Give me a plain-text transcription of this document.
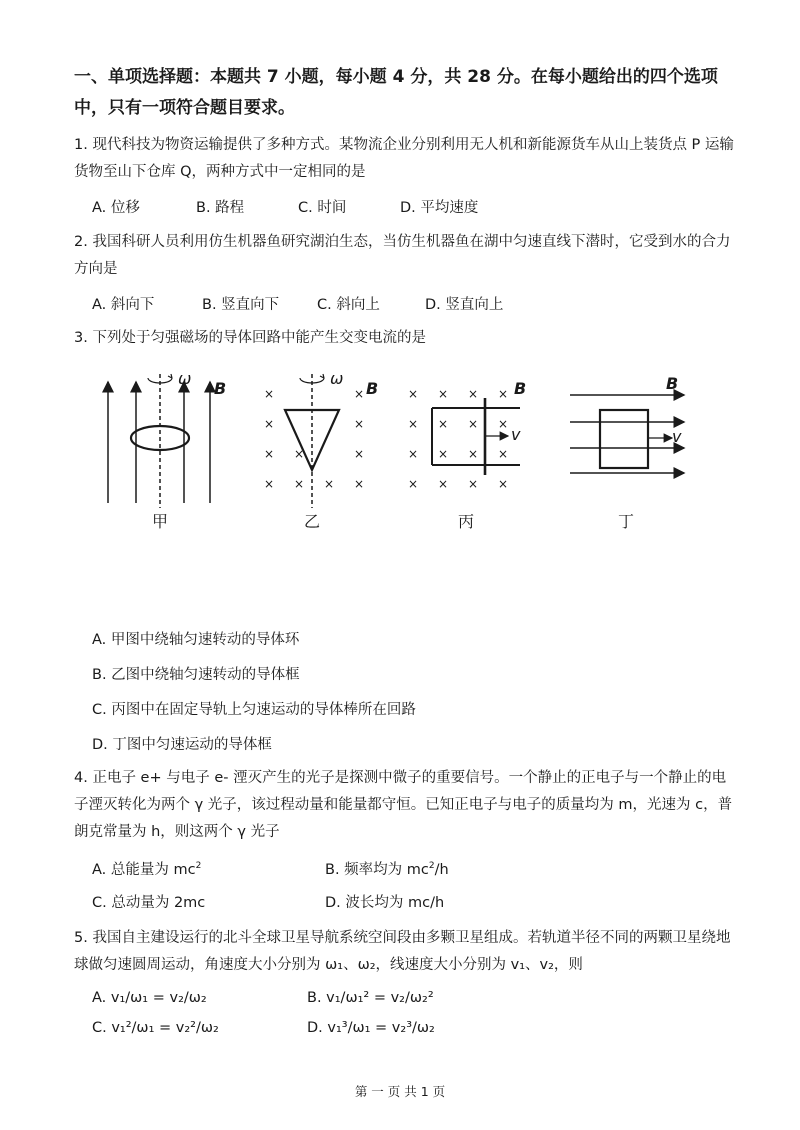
一、单项选择题：本题共 7 小题，每小题 4 分，共 28 分。在每小题给出的四个选项中，只有一项符合题目要求。
1. 现代科技为物资运输提供了多种方式。某物流企业分别利用无人机和新能源货车从山上装货点 P 运输货物至山下仓库 Q，两种方式中一定相同的是
A. 位移	B. 路程	C. 时间	D. 平均速度
2. 我国科研人员利用仿生机器鱼研究湖泊生态，当仿生机器鱼在湖中匀速直线下潜时，它受到水的合力方向是
A. 斜向下	B. 竖直向下	C. 斜向上	D. 竖直向上
3. 下列处于匀强磁场的导体回路中能产生交变电流的是
ω
B
甲
×
×
×
×
×
× ×
×
×
×
×
ω
B
乙
× × × ×
× × × ×
× × × ×
× × × ×
v
B
丙
v
B
丁
A. 甲图中绕轴匀速转动的导体环
B. 乙图中绕轴匀速转动的导体框
C. 丙图中在固定导轨上匀速运动的导体棒所在回路
D. 丁图中匀速运动的导体框
4. 正电子 e+ 与电子 e- 湮灭产生的光子是探测中微子的重要信号。一个静止的正电子与一个静止的电子湮灭转化为两个 γ 光子，该过程动量和能量都守恒。已知正电子与电子的质量均为 m，光速为 c，普朗克常量为 h，则这两个 γ 光子
A. 总能量为 $mc^2$	B. 频率均为 $mc^2/h$
C. 总动量为 2mc	D. 波长均为 mc/h
5. 我国自主建设运行的北斗全球卫星导航系统空间段由多颗卫星组成。若轨道半径不同的两颗卫星绕地球做匀速圆周运动，角速度大小分别为 ω₁、ω₂，线速度大小分别为 v₁、v₂，则
A. v₁/ω₁ = v₂/ω₂	B. v₁/ω₁² = v₂/ω₂²
C. v₁²/ω₁ = v₂²/ω₂	D. v₁³/ω₁ = v₂³/ω₂
第 一 页 共 1 页
